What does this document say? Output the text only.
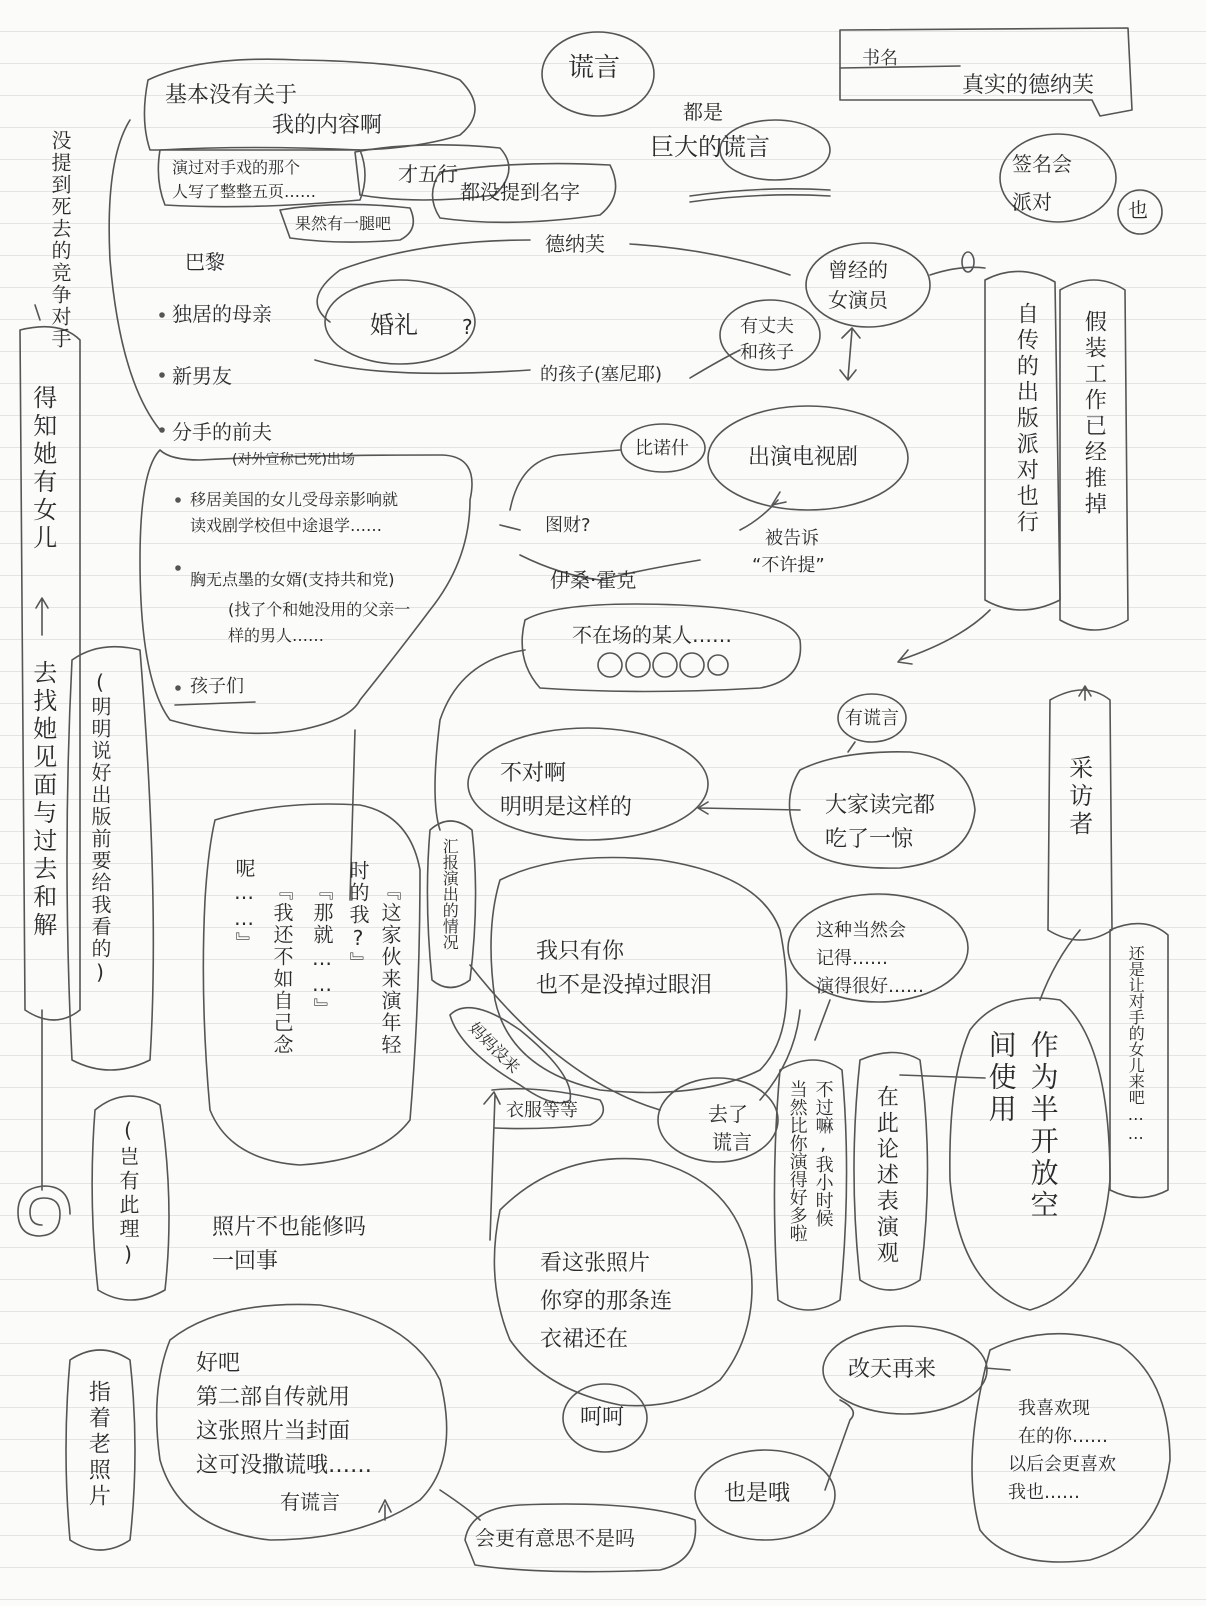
谎言
都是
巨大的谎言
书名
真实的德纳芙
签名会
派对	也
基本没有关于
我的内容啊
演过对手戏的那个
人写了整整五页……
才五行
都没提到名字
果然有一腿吧
没提到死去的竞争对手
得知她有女儿
去找她见面与过去和解
巴黎
德纳芙
曾经的
女演员
独居的母亲	婚礼 ?	有丈夫
和孩子
新男友	的孩子(塞尼耶)
分手的前夫
(对外宣称已死)出场
比诺什	出演电视剧
移居美国的女儿受母亲影响就
读戏剧学校但中途退学……	图财?
被告诉
“不许提”
胸无点墨的女婿(支持共和党)
(找了个和她没用的父亲一
样的男人……
伊桑·霍克
孩子们
不在场的某人……
自传的出版派对也行 假装工作已经推掉
有谎言
采访者
不对啊
明明是这样的	大家读完都
吃了一惊
(明明说好出版前要给我看的)
(岂有此理)
『这家伙来演年轻
时的我?』
『那就……』
『我还不如自己念
呢……』	汇报演出的情况
我只有你
也不是没掉过眼泪
这种当然会
记得……
演得很好……	还是让对手的女儿来吧……
妈妈没来
衣服等等	去了
谎言	不过嘛,我小时候
当然比你演得好多啦	在此论述表演观	作为半开放空
间使用
照片不也能修吗
一回事	看这张照片
你穿的那条连
衣裙还在
呵呵
改天再来
我喜欢现
在的你……
以后会更喜欢
我也……
指着老照片
好吧
第二部自传就用
这张照片当封面
这可没撒谎哦……
有谎言
会更有意思不是吗
也是哦
